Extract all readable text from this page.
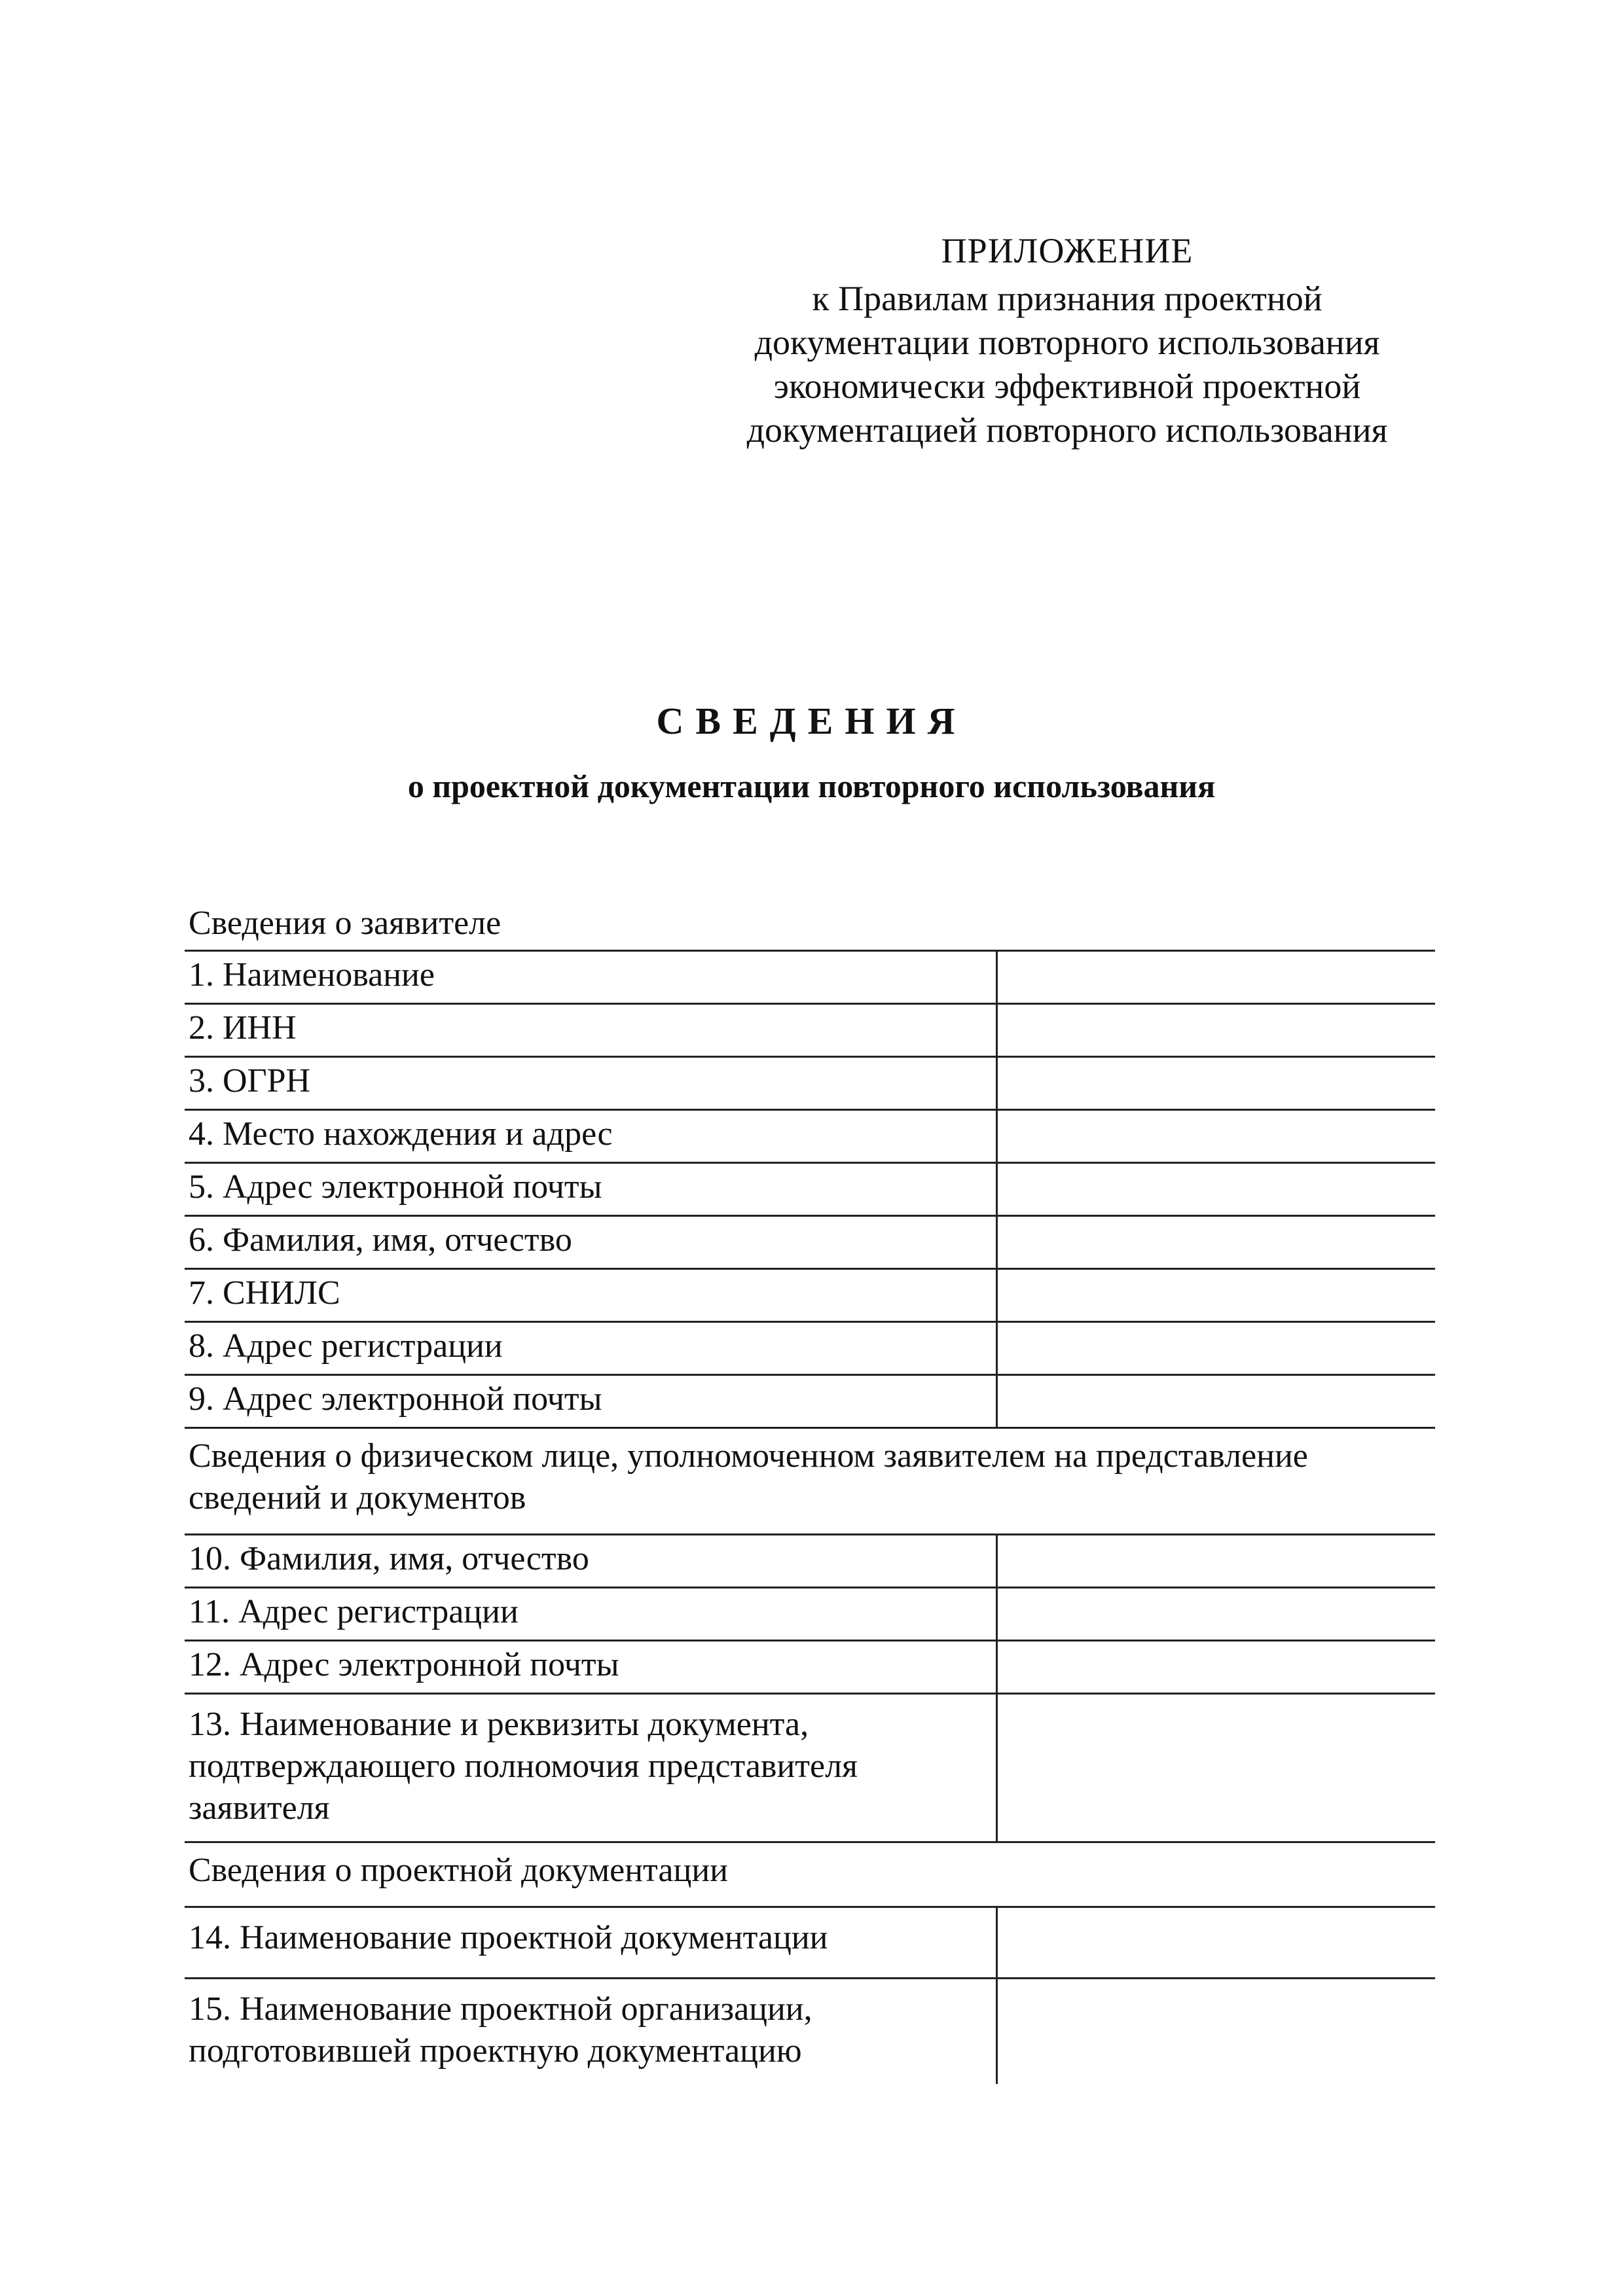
ПРИЛОЖЕНИЕ
к Правилам признания проектной
документации повторного использования
экономически эффективной проектной
документацией повторного использования
СВЕДЕНИЯ
о проектной документации повторного использования
Сведения о заявителе	
1. Наименование	
2. ИНН	
3. ОГРН	
4. Место нахождения и адрес	
5. Адрес электронной почты	
6. Фамилия, имя, отчество	
7. СНИЛС	
8. Адрес регистрации	
9. Адрес электронной почты	
Сведения о физическом лице, уполномоченном заявителем на представление сведений и документов	
10. Фамилия, имя, отчество	
11. Адрес регистрации	
12. Адрес электронной почты	
13. Наименование и реквизиты документа, подтверждающего полномочия представителя заявителя	
Сведения о проектной документации	
14. Наименование проектной документации	
15. Наименование проектной организации, подготовившей проектную документацию	
